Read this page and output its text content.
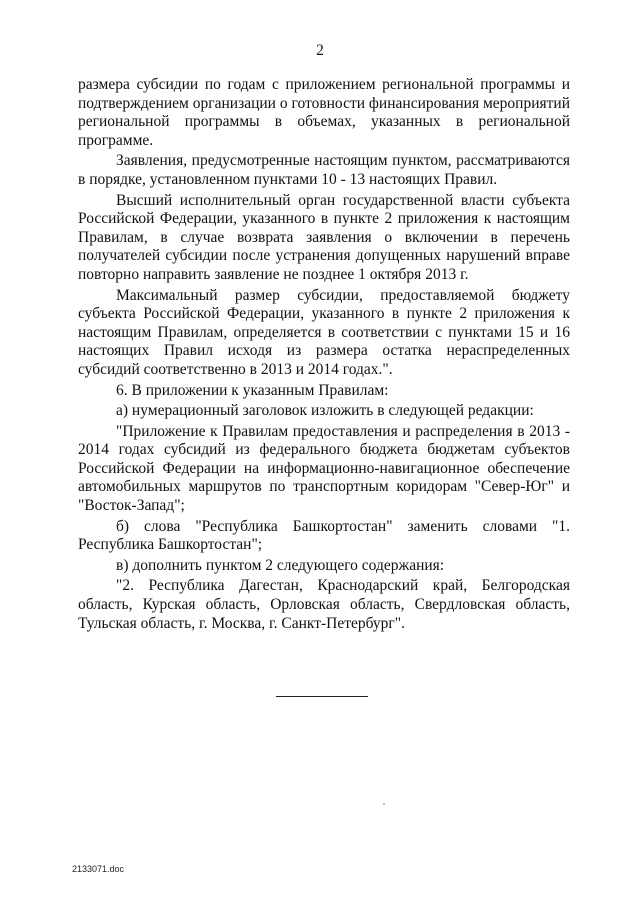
2

размера субсидии по годам с приложением региональной программы и подтверждением организации о готовности финансирования мероприятий региональной программы в объемах, указанных в региональной программе.

Заявления, предусмотренные настоящим пунктом, рассматриваются в порядке, установленном пунктами 10 - 13 настоящих Правил.

Высший исполнительный орган государственной власти субъекта Российской Федерации, указанного в пункте 2 приложения к настоящим Правилам, в случае возврата заявления о включении в перечень получателей субсидии после устранения допущенных нарушений вправе повторно направить заявление не позднее 1 октября 2013 г.

Максимальный размер субсидии, предоставляемой бюджету субъекта Российской Федерации, указанного в пункте 2 приложения к настоящим Правилам, определяется в соответствии с пунктами 15 и 16 настоящих Правил исходя из размера остатка нераспределенных субсидий соответственно в 2013 и 2014 годах.".

6. В приложении к указанным Правилам:

а) нумерационный заголовок изложить в следующей редакции:

"Приложение к Правилам предоставления и распределения в 2013 - 2014 годах субсидий из федерального бюджета бюджетам субъектов Российской Федерации на информационно-навигационное обеспечение автомобильных маршрутов по транспортным коридорам "Север-Юг" и "Восток-Запад";

б) слова "Республика Башкортостан" заменить словами "1. Республика Башкортостан";

в) дополнить пунктом 2 следующего содержания:

"2. Республика Дагестан, Краснодарский край, Белгородская область, Курская область, Орловская область, Свердловская область, Тульская область, г. Москва, г. Санкт-Петербург".

2133071.doc
